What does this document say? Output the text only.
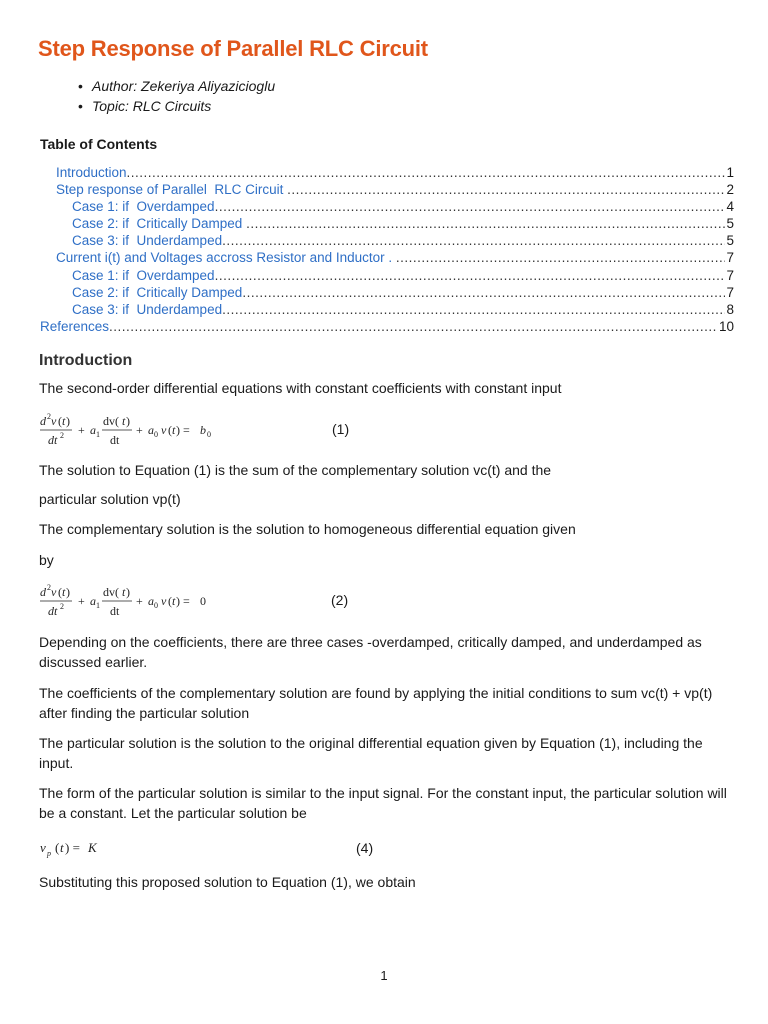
Step Response of Parallel RLC Circuit
• Author: Zekeriya Aliyazicioglu
• Topic: RLC Circuits
Table of Contents
Introduction .....	1
Step response of Parallel  RLC Circuit .....	2
Case 1: if  Overdamped .....	4
Case 2: if  Critically Damped .....	5
Case 3: if  Underdamped .....	5
Current i(t) and Voltages accross Resistor and Inductor . .....	7
Case 1: if  Overdamped .....	7
Case 2: if  Critically Damped .....	7
Case 3: if  Underdamped .....	8
References .....	10
Introduction

The second-order differential equations with constant coefficients with constant input

d 2 v ( t )
dt 2 + a 1
dv( t )
dt
+ a 0 v ( t ) = b 0	(1)

The solution to Equation (1) is the sum of the complementary solution vc(t) and the

particular solution vp(t)

The complementary solution is the solution to homogeneous differential equation given

by

d 2 v ( t )
dt 2 + a 1
dv( t )
dt
+ a 0 v ( t ) = 0	(2)

Depending on the coefficients, there are three cases -overdamped, critically damped, and underdamped as discussed earlier.

The coefficients of the complementary solution are found by applying the initial conditions to sum vc(t) + vp(t) after finding the particular solution

The particular solution is the solution to the original differential equation given by Equation (1), including the input.

The form of the particular solution is similar to the input signal. For the constant input, the particular solution will be a constant. Let the particular solution be

v p ( t ) = K	(4)

Substituting this proposed solution to Equation (1), we obtain

1
